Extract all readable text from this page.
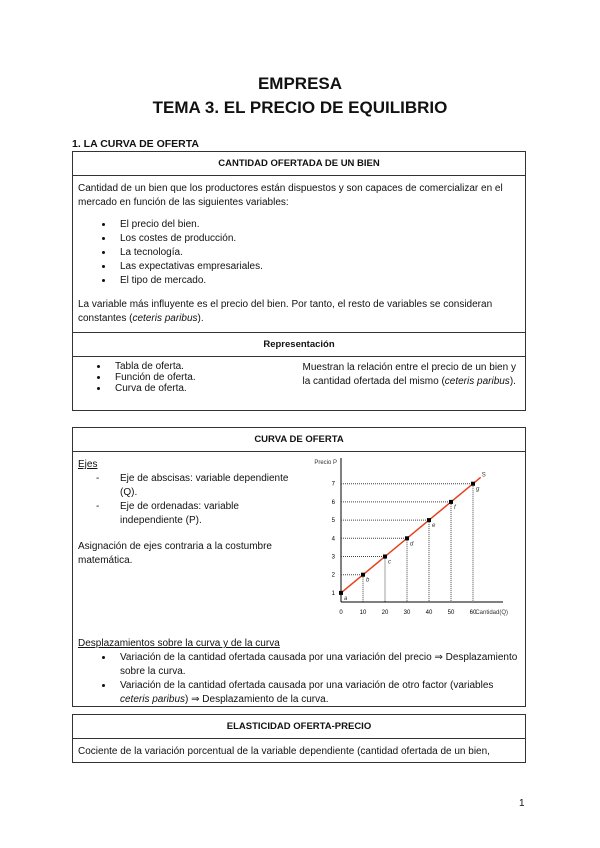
EMPRESA
TEMA 3. EL PRECIO DE EQUILIBRIO
1. LA CURVA DE OFERTA
CANTIDAD OFERTADA DE UN BIEN

Cantidad de un bien que los productores están dispuestos y son capaces de comercializar en el mercado en función de las siguientes variables:

• El precio del bien.
• Los costes de producción.
• La tecnología.
• Las expectativas empresariales.
• El tipo de mercado.

La variable más influyente es el precio del bien. Por tanto, el resto de variables se consideran constantes (ceteris paribus).

Representación
• Tabla de oferta.
• Función de oferta.
• Curva de oferta.

Muestran la relación entre el precio de un bien y la cantidad ofertada del mismo (ceteris paribus).

CURVA DE OFERTA

Ejes

- Eje de abscisas: variable dependiente (Q).
- Eje de ordenadas: variable independiente (P).

Asignación de ejes contraria a la costumbre matemática.

Precio P
Cantidad(Q)
1
2
3
4
5
6
7
0	10	20	30	40	50	60
S
a
b
c
d
e
f
g

Desplazamientos sobre la curva y de la curva

• Variación de la cantidad ofertada causada por una variación del precio ⇒ Desplazamiento sobre la curva.
• Variación de la cantidad ofertada causada por una variación de otro factor (variables ceteris paribus) ⇒ Desplazamiento de la curva.
ELASTICIDAD OFERTA-PRECIO
Cociente de la variación porcentual de la variable dependiente (cantidad ofertada de un bien,
1
